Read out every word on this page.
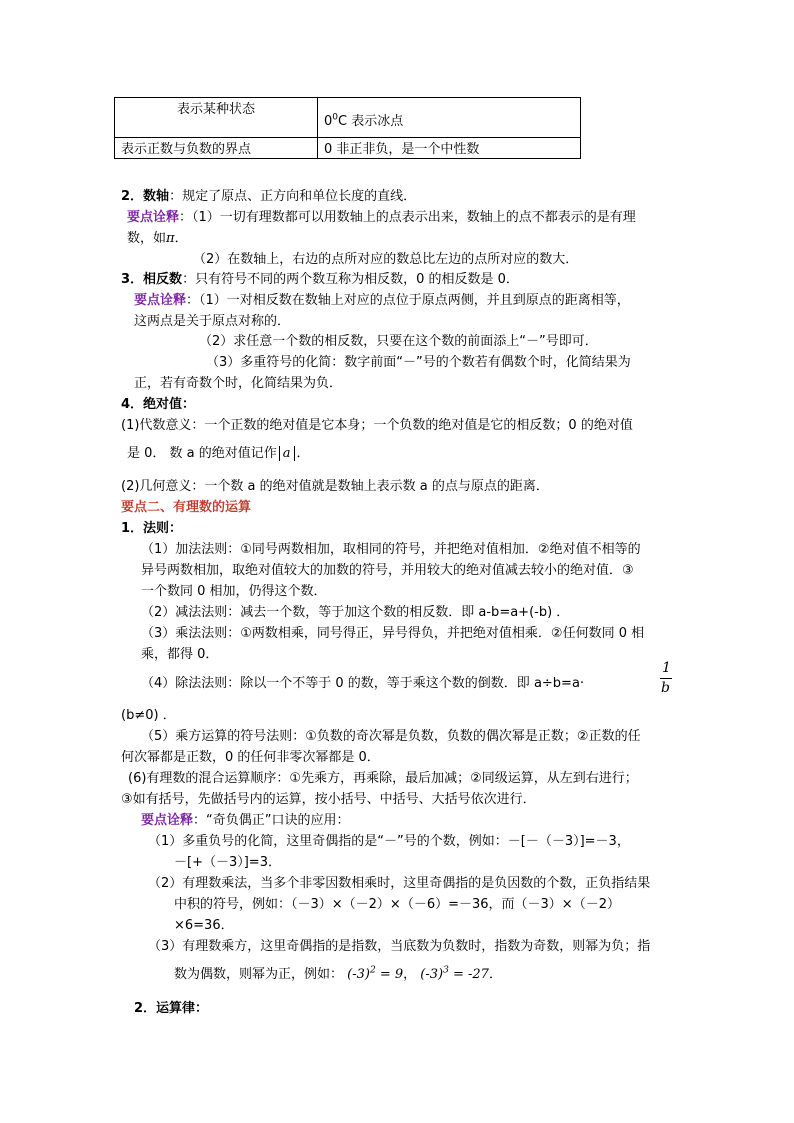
表示某种状态	$0^0C$ 表示冰点
表示正数与负数的界点	0 非正非负，是一个中性数
2．数轴：规定了原点、正方向和单位长度的直线．
要点诠释：（1）一切有理数都可以用数轴上的点表示出来，数轴上的点不都表示的是有理
数，如π．
（2）在数轴上，右边的点所对应的数总比左边的点所对应的数大．
3．相反数：只有符号不同的两个数互称为相反数，0 的相反数是 0．
要点诠释：（1）一对相反数在数轴上对应的点位于原点两侧，并且到原点的距离相等，
这两点是关于原点对称的．
（2）求任意一个数的相反数，只要在这个数的前面添上“－”号即可．
（3）多重符号的化简：数字前面“－”号的个数若有偶数个时，化简结果为
正，若有奇数个时，化简结果为负．
4．绝对值：
(1)代数意义：一个正数的绝对值是它本身；一个负数的绝对值是它的相反数；0 的绝对值
是 0． 数 a 的绝对值记作 a ．
(2)几何意义：一个数 a 的绝对值就是数轴上表示数 a 的点与原点的距离．
要点二、有理数的运算
1．法则：
（1）加法法则：①同号两数相加，取相同的符号，并把绝对值相加．②绝对值不相等的
异号两数相加，取绝对值较大的加数的符号，并用较大的绝对值减去较小的绝对值．③
一个数同 0 相加，仍得这个数．
（2）减法法则：减去一个数，等于加这个数的相反数．即 a-b=a+(-b) ．
（3）乘法法则：①两数相乘，同号得正，异号得负，并把绝对值相乘．②任何数同 0 相
乘，都得 0．
（4）除法法则：除以一个不等于 0 的数，等于乘这个数的倒数．即 a÷b=a·
1
b
(b≠0) ．
（5）乘方运算的符号法则：①负数的奇次幂是负数，负数的偶次幂是正数；②正数的任
何次幂都是正数，0 的任何非零次幂都是 0．
(6)有理数的混合运算顺序：①先乘方，再乘除，最后加减；②同级运算，从左到右进行；
③如有括号，先做括号内的运算，按小括号、中括号、大括号依次进行．
要点诠释：“奇负偶正”口诀的应用：
（1）多重负号的化简，这里奇偶指的是“－”号的个数，例如：－[－（－3）]=－3，
－[+（－3）]=3．
（2）有理数乘法，当多个非零因数相乘时，这里奇偶指的是负因数的个数，正负指结果
中积的符号，例如：（－3）×（－2）×（－6）=－36，而（－3）×（－2）
×6=36．
（3）有理数乘方，这里奇偶指的是指数，当底数为负数时，指数为奇数，则幂为负；指
数为偶数，则幂为正，例如： $(-3)^2 = 9$， $(-3)^3 = -27$．
2．运算律：
